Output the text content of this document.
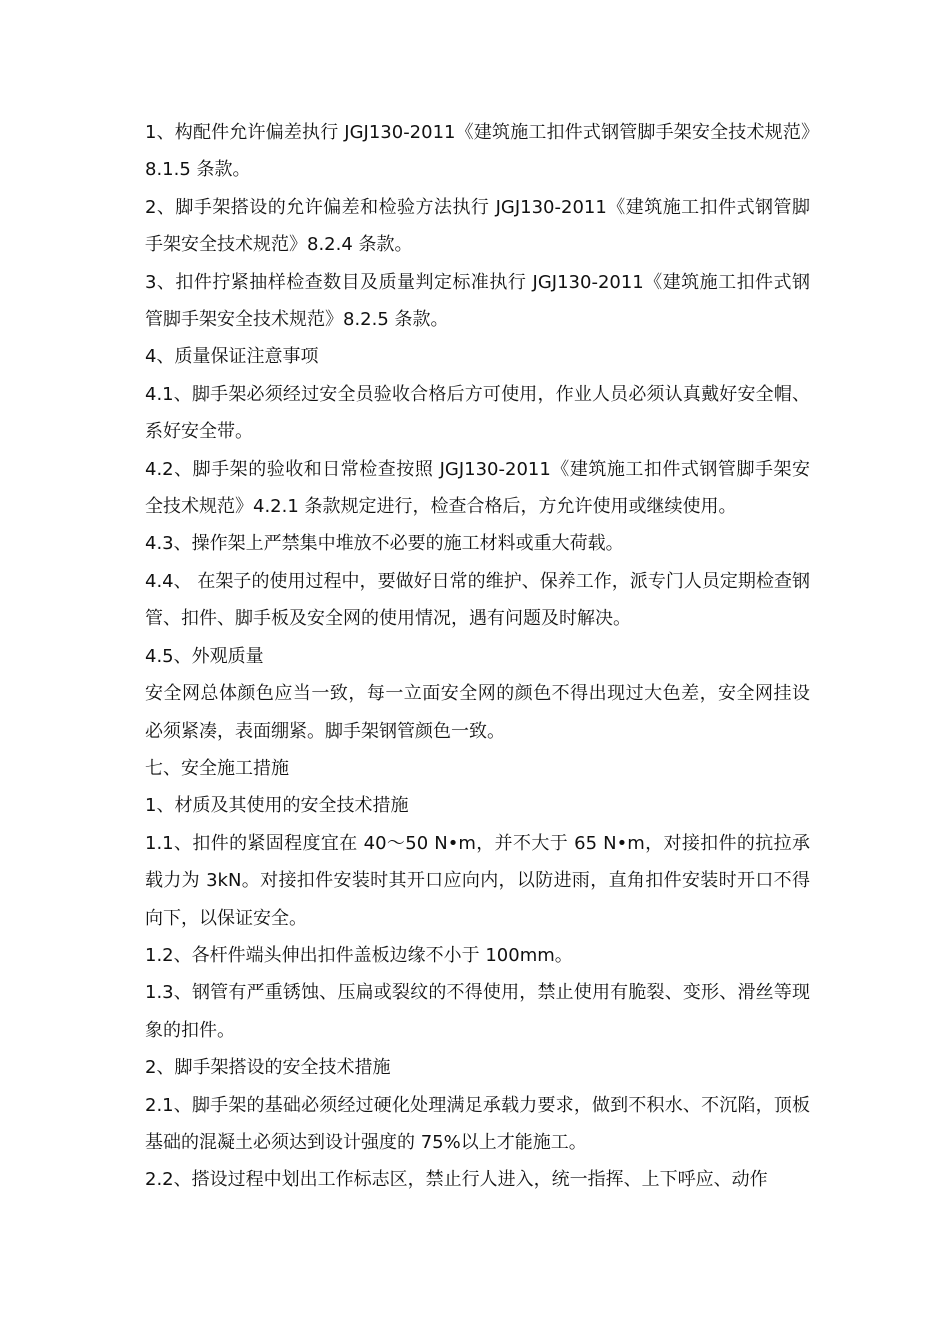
1、构配件允许偏差执行 JGJ130-2011《建筑施工扣件式钢管脚手架安全技术规范》8.1.5 条款。

2、脚手架搭设的允许偏差和检验方法执行 JGJ130-2011《建筑施工扣件式钢管脚手架安全技术规范》8.2.4 条款。

3、扣件拧紧抽样检查数目及质量判定标准执行 JGJ130-2011《建筑施工扣件式钢管脚手架安全技术规范》8.2.5 条款。

4、质量保证注意事项

4.1、脚手架必须经过安全员验收合格后方可使用，作业人员必须认真戴好安全帽、系好安全带。

4.2、脚手架的验收和日常检查按照 JGJ130-2011《建筑施工扣件式钢管脚手架安全技术规范》4.2.1 条款规定进行，检查合格后，方允许使用或继续使用。

4.3、操作架上严禁集中堆放不必要的施工材料或重大荷载。

4.4、 在架子的使用过程中，要做好日常的维护、保养工作，派专门人员定期检查钢管、扣件、脚手板及安全网的使用情况，遇有问题及时解决。

4.5、外观质量

安全网总体颜色应当一致，每一立面安全网的颜色不得出现过大色差，安全网挂设必须紧凑，表面绷紧。脚手架钢管颜色一致。

七、安全施工措施

1、材质及其使用的安全技术措施

1.1、扣件的紧固程度宜在 40～50 N•m，并不大于 65 N•m，对接扣件的抗拉承载力为 3kN。对接扣件安装时其开口应向内，以防进雨，直角扣件安装时开口不得向下，以保证安全。

1.2、各杆件端头伸出扣件盖板边缘不小于 100mm。

1.3、钢管有严重锈蚀、压扁或裂纹的不得使用，禁止使用有脆裂、变形、滑丝等现象的扣件。

2、脚手架搭设的安全技术措施

2.1、脚手架的基础必须经过硬化处理满足承载力要求，做到不积水、不沉陷，顶板基础的混凝土必须达到设计强度的 75%以上才能施工。

2.2、搭设过程中划出工作标志区，禁止行人进入，统一指挥、上下呼应、动作
